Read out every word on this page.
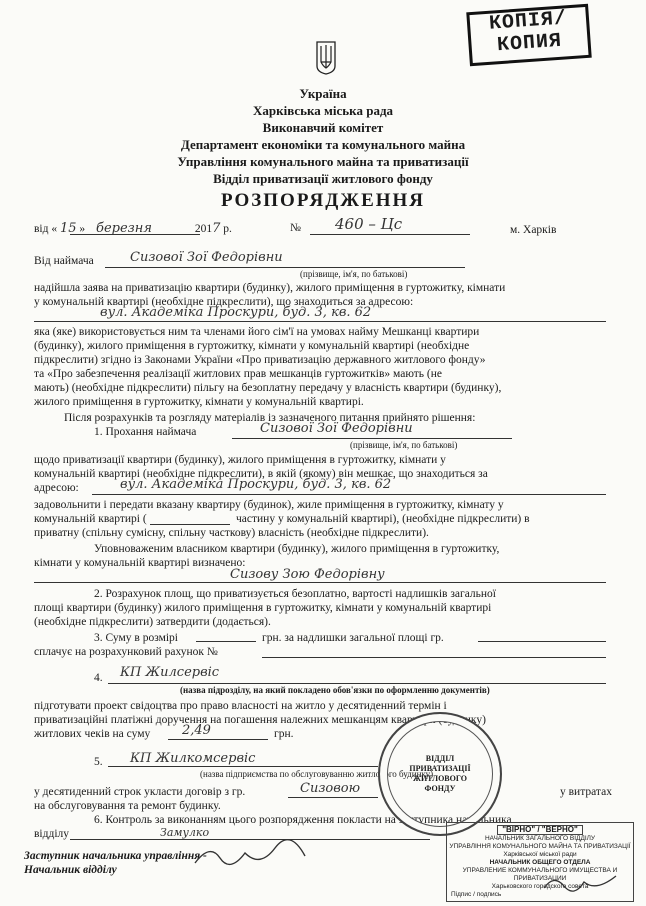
КОПІЯ/
КОПИЯ
Україна
Харківська міська рада
Виконавчий комітет
Департамент економіки та комунального майна
Управління комунального майна та приватизації
Відділ приватизації житлового фонду
РОЗПОРЯДЖЕННЯ
від « 15 » березня	2017 р.	№ 460 – Цс	м. Харків
Від наймача	Сизової Зої Федорівни
(прізвище, ім'я, по батькові)
надійшла заява на приватизацію квартири (будинку), жилого приміщення в гуртожитку, кімнати
у комунальній квартирі (необхідне підкреслити), що знаходиться за адресою:
вул. Академіка Проскури, буд. 3, кв. 62
яка (яке) використовується ним та членами його сім'ї на умовах найму Мешканці квартири
(будинку), жилого приміщення в гуртожитку, кімнати у комунальній квартирі (необхідне
підкреслити) згідно із Законами України «Про приватизацію державного житлового фонду»
та «Про забезпечення реалізації житлових прав мешканців гуртожитків» мають (не
мають) (необхідне підкреслити) пільгу на безоплатну передачу у власність квартири (будинку),
жилого приміщення в гуртожитку, кімнати у комунальній квартирі.
Після розрахунків та розгляду матеріалів із зазначеного питання прийнято рішення:
1. Прохання наймача	Сизової Зої Федорівни
(прізвище, ім'я, по батькові)
щодо приватизації квартири (будинку), жилого приміщення в гуртожитку, кімнати у
комунальній квартирі (необхідне підкреслити), в якій (якому) він мешкає, що знаходиться за
адресою:	вул. Академіка Проскури, буд. 3, кв. 62
задовольнити і передати вказану квартиру (будинок), жиле приміщення в гуртожитку, кімнату у
комунальній квартирі (	частину у комунальній квартирі), (необхідне підкреслити) в
приватну (спільну сумісну, спільну часткову) власність (необхідне підкреслити).
Уповноваженим власником квартири (будинку), жилого приміщення в гуртожитку,
кімнати у комунальній квартирі визначено:
Сизову Зою Федорівну
2. Розрахунок площ, що приватизується безоплатно, вартості надлишків загальної
площі квартири (будинку) жилого приміщення в гуртожитку, кімнати у комунальній квартирі
(необхідне підкреслити) затвердити (додається).
3. Суму в розмірі	грн. за надлишки загальної площі гр.
сплачує на розрахунковий рахунок №
4. КП Жилсервіс
(назва підрозділу, на який покладено обов'язки по оформленню документів)
підготувати проект свідоцтва про право власності на житло у десятиденний термін і
приватизаційні платіжні доручення на погашення належних мешканцям квартири (будинку)
житлових чеків на суму 2,49	грн.
5. КП Жилкомсервіс
(назва підприємства по обслуговуванню житлового будинку)
у десятиденний строк укласти договір з гр.	Сизовою	у витратах
на обслуговування та ремонт будинку.
6. Контроль за виконанням цього розпорядження покласти на заступника начальника
відділу	Замулко
Заступник начальника управління -
Начальник відділу
ВІДДІЛ ПРИВАТИЗАЦІЇ ЖИТЛОВОГО ФОНДУ
"ВІРНО" / "ВЕРНО"
НАЧАЛЬНИК ЗАГАЛЬНОГО ВІДДІЛУ
УПРАВЛІННЯ КОМУНАЛЬНОГО МАЙНА ТА ПРИВАТИЗАЦІЇ
Харківської міської ради
НАЧАЛЬНИК ОБЩЕГО ОТДЕЛА
УПРАВЛЕНИЕ КОММУНАЛЬНОГО ИМУЩЕСТВА И ПРИВАТИЗАЦИИ
Харьковского городского совета
Підпис / подпись
